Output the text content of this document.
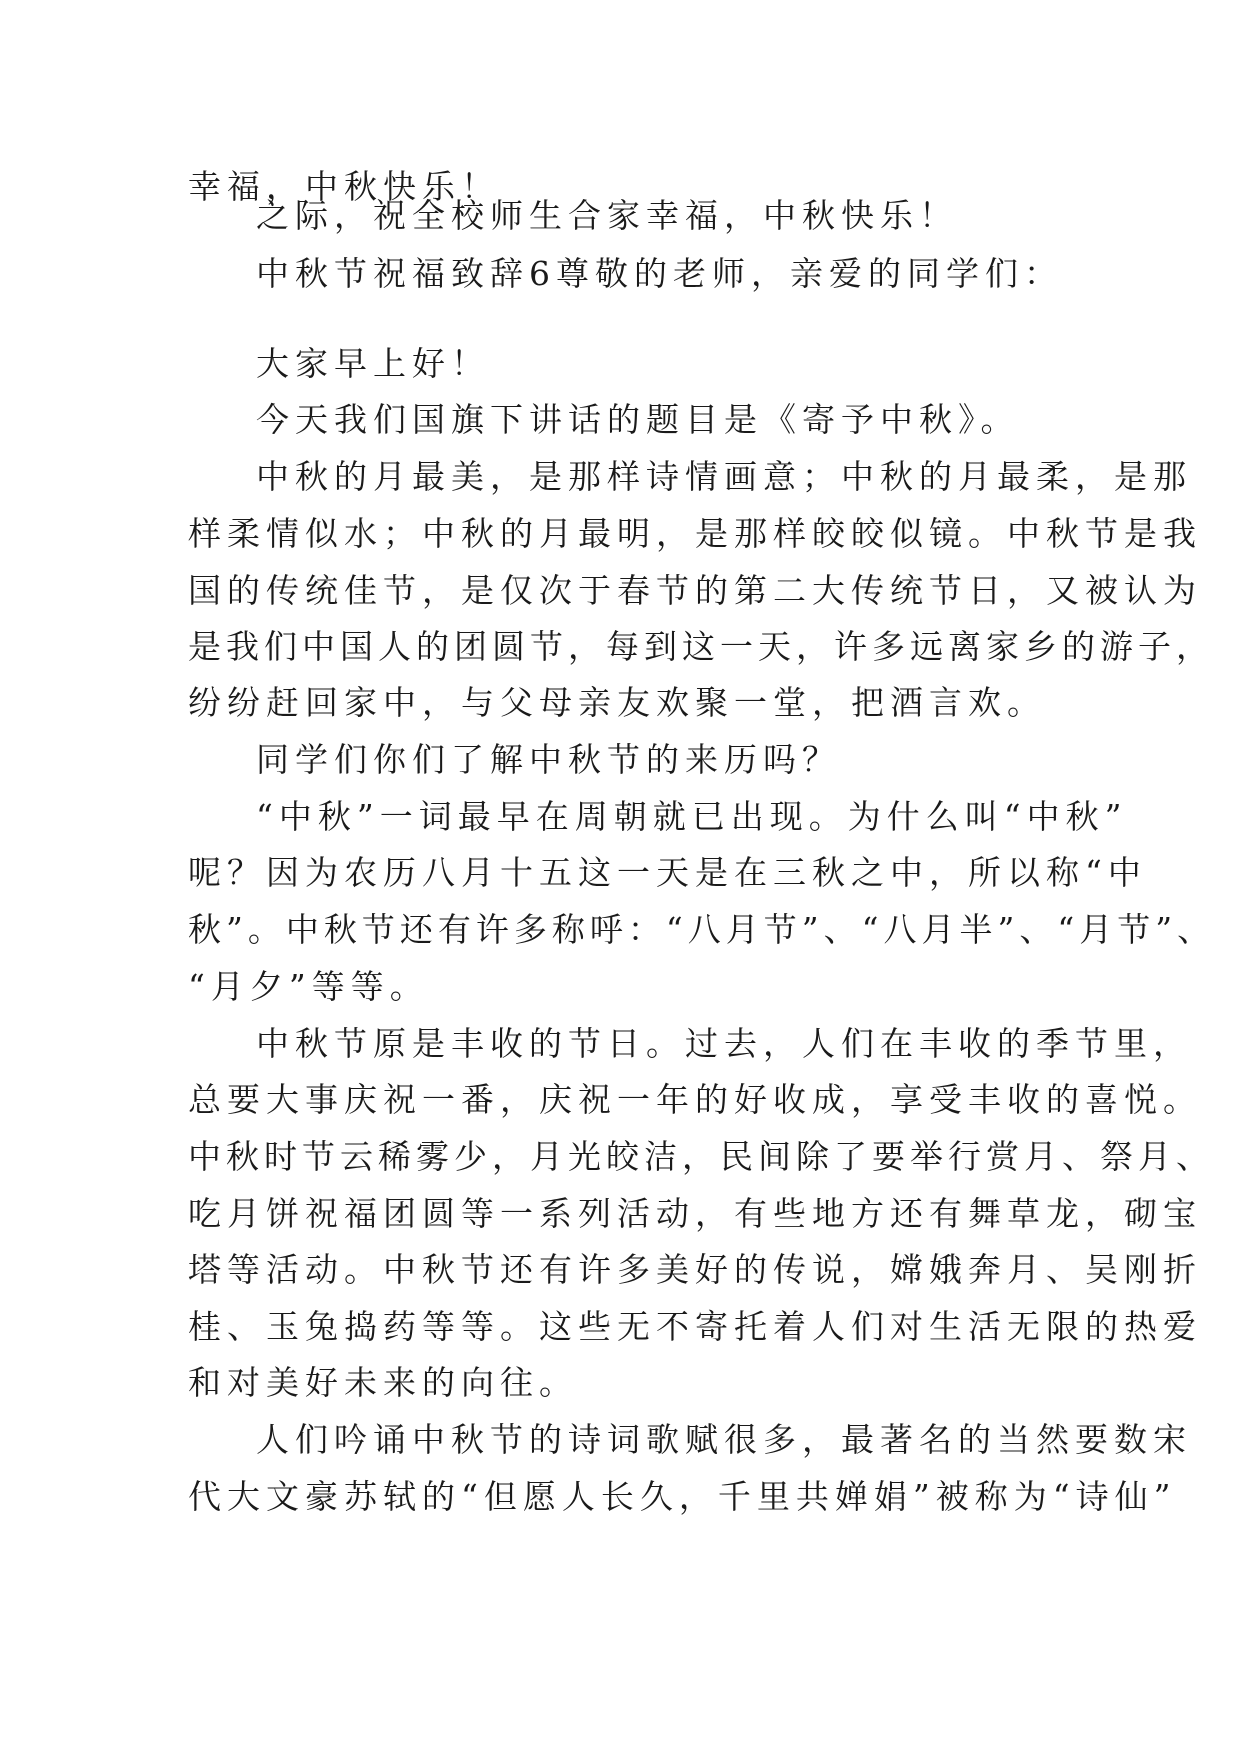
幸福，中秋快乐！
之际，祝全校师生合家幸福，中秋快乐！
中秋节祝福致辞6尊敬的老师，亲爱的同学们：
大家早上好！
今天我们国旗下讲话的题目是《寄予中秋》。
中秋的月最美，是那样诗情画意；中秋的月最柔，是那
样柔情似水；中秋的月最明，是那样皎皎似镜。中秋节是我
国的传统佳节，是仅次于春节的第二大传统节日，又被认为
是我们中国人的团圆节，每到这一天，许多远离家乡的游子，
纷纷赶回家中，与父母亲友欢聚一堂，把酒言欢。
同学们你们了解中秋节的来历吗？
“中秋”一词最早在周朝就已出现。为什么叫“中秋”
呢？因为农历八月十五这一天是在三秋之中，所以称“中
秋”。中秋节还有许多称呼：“八月节”、“八月半”、“月节”、
“月夕”等等。
中秋节原是丰收的节日。过去，人们在丰收的季节里，
总要大事庆祝一番，庆祝一年的好收成，享受丰收的喜悦。
中秋时节云稀雾少，月光皎洁，民间除了要举行赏月、祭月、
吃月饼祝福团圆等一系列活动，有些地方还有舞草龙，砌宝
塔等活动。中秋节还有许多美好的传说，嫦娥奔月、吴刚折
桂、玉兔捣药等等。这些无不寄托着人们对生活无限的热爱
和对美好未来的向往。
人们吟诵中秋节的诗词歌赋很多，最著名的当然要数宋
代大文豪苏轼的“但愿人长久，千里共婵娟”被称为“诗仙”
